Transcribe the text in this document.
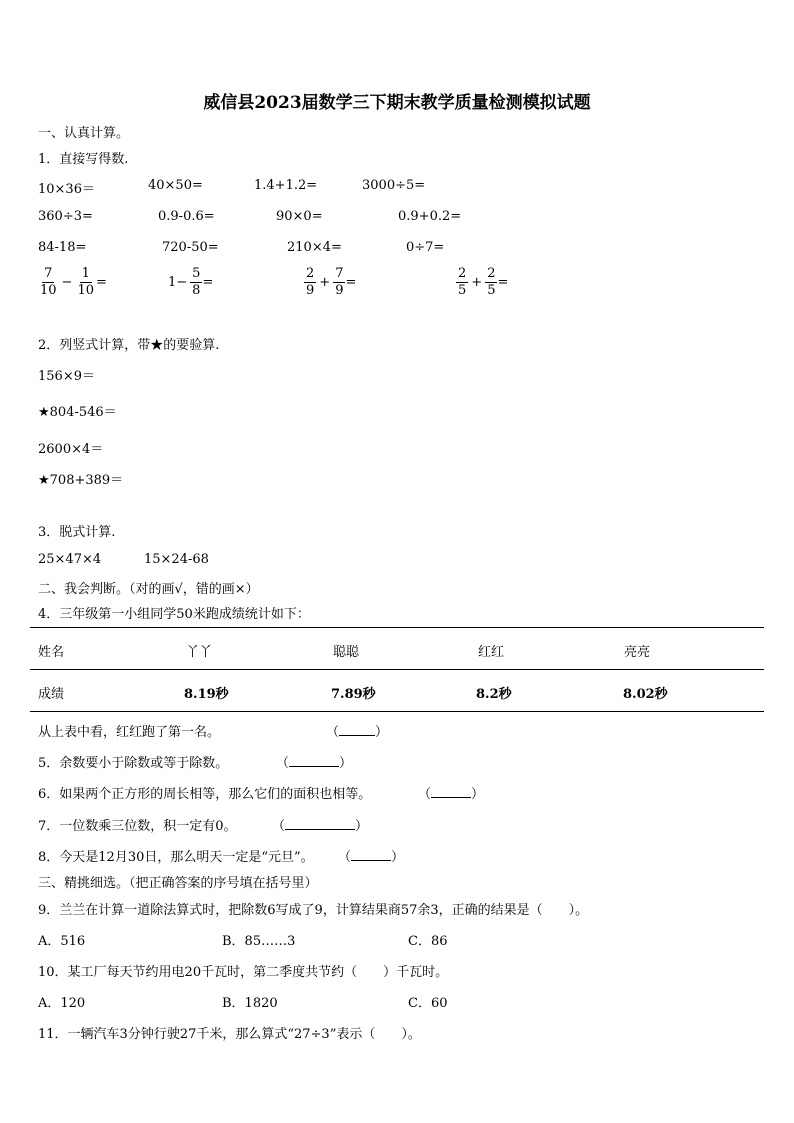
威信县2023届数学三下期末教学质量检测模拟试题
一、认真计算。
1．直接写得数.
10×36＝	40×50=	1.4+1.2=	3000÷5=
360÷3=	0.9-0.6=	90×0=	0.9+0.2=
84-18=	720-50=	210×4=	0÷7=
$\frac{7}{10} - \frac{1}{10}$ =	$1- \frac{5}{8}$ =	$\frac{2}{9} + \frac{7}{9}$ =	$\frac{2}{5} + \frac{2}{5}$ =
2．列竖式计算，带★的要验算.
156×9＝
★804-546＝
2600×4＝
★708+389＝
3．脱式计算.
25×47×4	15×24-68
二、我会判断。（对的画√，错的画×）
4．三年级第一小组同学50米跑成绩统计如下：
姓名	丫丫	聪聪	红红	亮亮
成绩	8.19秒	7.89秒	8.2秒	8.02秒
从上表中看，红红跑了第一名。	（	）
5．余数要小于除数或等于除数。	（	）
6．如果两个正方形的周长相等，那么它们的面积也相等。	（	）
7．一位数乘三位数，积一定有0。	（	）
8．今天是12月30日，那么明天一定是“元旦”。 （	）
三、精挑细选。（把正确答案的序号填在括号里）
9．兰兰在计算一道除法算式时，把除数6写成了9，计算结果商57余3，正确的结果是（　　）。
A．516	B．85……3	C．86
10．某工厂每天节约用电20千瓦时，第二季度共节约（　　）千瓦时。
A．120	B．1820	C．60
11．一辆汽车3分钟行驶27千米，那么算式“27÷3”表示（　　）。
